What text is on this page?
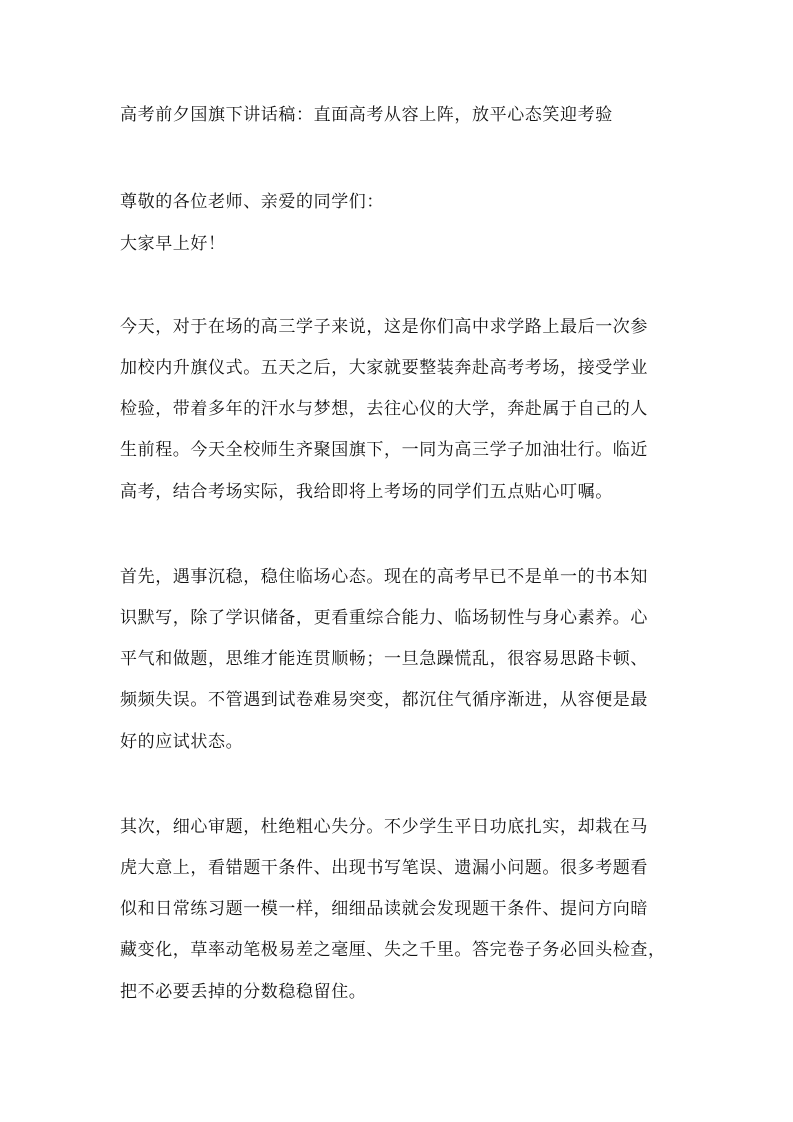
高考前夕国旗下讲话稿：直面高考从容上阵，放平心态笑迎考验
尊敬的各位老师、亲爱的同学们：
大家早上好！
今天，对于在场的高三学子来说，这是你们高中求学路上最后一次参
加校内升旗仪式。五天之后，大家就要整装奔赴高考考场，接受学业
检验，带着多年的汗水与梦想，去往心仪的大学，奔赴属于自己的人
生前程。今天全校师生齐聚国旗下，一同为高三学子加油壮行。临近
高考，结合考场实际，我给即将上考场的同学们五点贴心叮嘱。
首先，遇事沉稳，稳住临场心态。现在的高考早已不是单一的书本知
识默写，除了学识储备，更看重综合能力、临场韧性与身心素养。心
平气和做题，思维才能连贯顺畅；一旦急躁慌乱，很容易思路卡顿、
频频失误。不管遇到试卷难易突变，都沉住气循序渐进，从容便是最
好的应试状态。
其次，细心审题，杜绝粗心失分。不少学生平日功底扎实，却栽在马
虎大意上，看错题干条件、出现书写笔误、遗漏小问题。很多考题看
似和日常练习题一模一样，细细品读就会发现题干条件、提问方向暗
藏变化，草率动笔极易差之毫厘、失之千里。答完卷子务必回头检查，
把不必要丢掉的分数稳稳留住。
